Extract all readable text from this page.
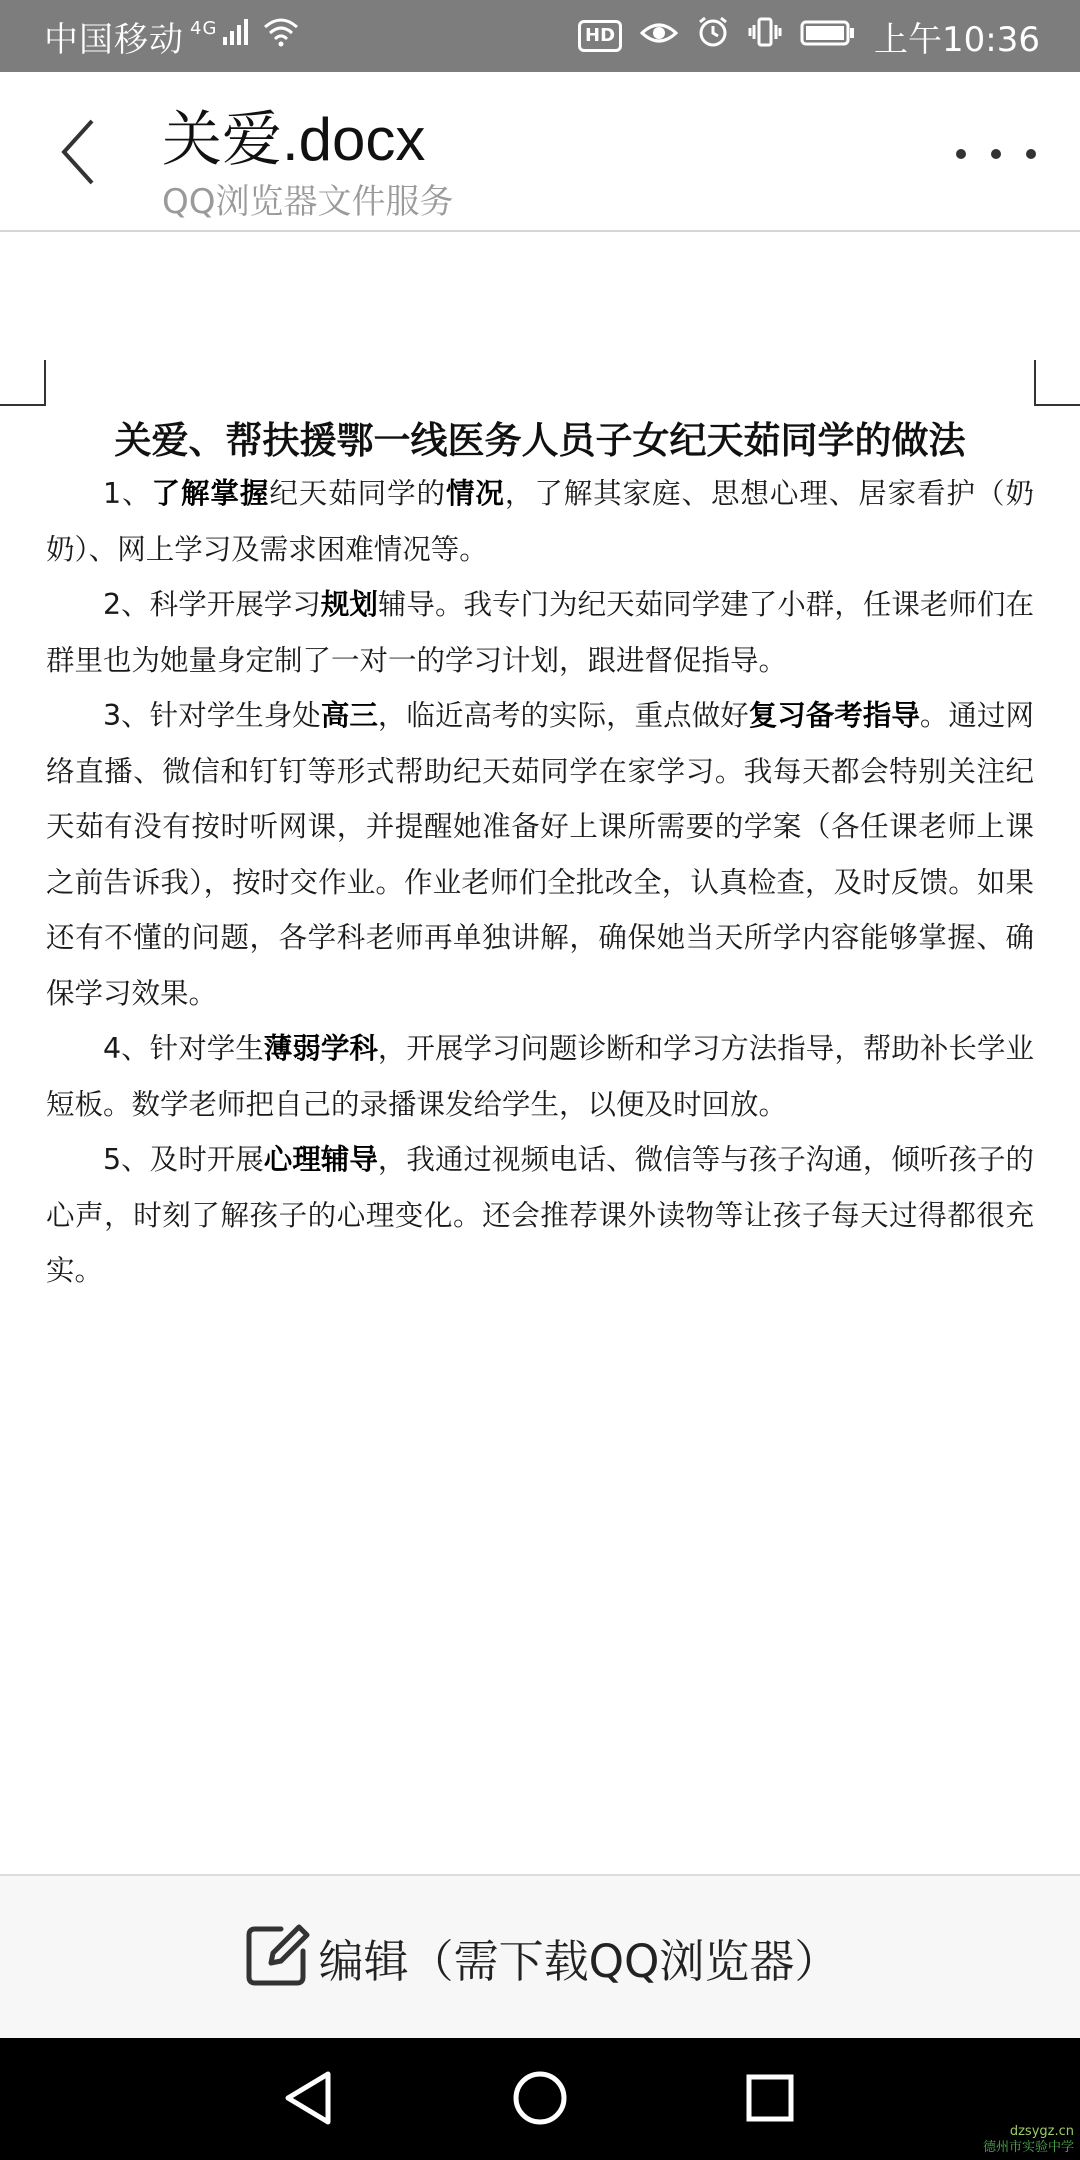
中国移动 4G	HD	上午10:36
关爱.docx
QQ浏览器文件服务
关爱、帮扶援鄂一线医务人员子女纪天茹同学的做法

1、了解掌握纪天茹同学的情况，了解其家庭、思想心理、居家看护（奶奶）、网上学习及需求困难情况等。

2、科学开展学习规划辅导。我专门为纪天茹同学建了小群，任课老师们在群里也为她量身定制了一对一的学习计划，跟进督促指导。

3、针对学生身处高三，临近高考的实际，重点做好复习备考指导。通过网络直播、微信和钉钉等形式帮助纪天茹同学在家学习。我每天都会特别关注纪天茹有没有按时听网课，并提醒她准备好上课所需要的学案（各任课老师上课之前告诉我），按时交作业。作业老师们全批改全，认真检查，及时反馈。如果还有不懂的问题，各学科老师再单独讲解，确保她当天所学内容能够掌握、确保学习效果。

4、针对学生薄弱学科，开展学习问题诊断和学习方法指导，帮助补长学业短板。数学老师把自己的录播课发给学生，以便及时回放。

5、及时开展心理辅导，我通过视频电话、微信等与孩子沟通，倾听孩子的心声，时刻了解孩子的心理变化。还会推荐课外读物等让孩子每天过得都很充实。

编辑（需下载QQ浏览器）
dzsygz.cn
德州市实验中学
